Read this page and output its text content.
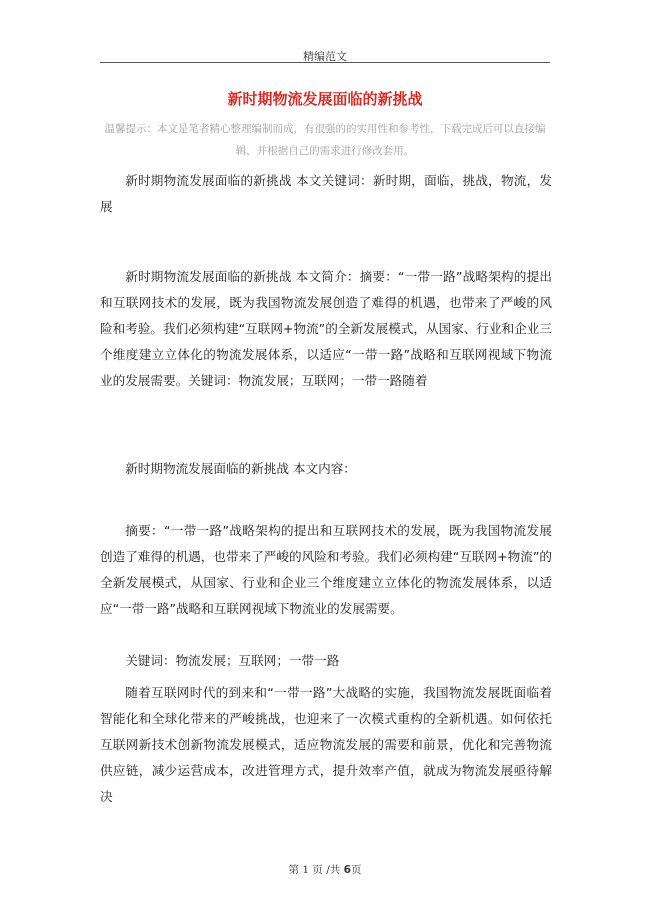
精编范文
新时期物流发展面临的新挑战
温馨提示：本文是笔者精心整理编制而成，有很强的的实用性和参考性，下载完成后可以直接编辑，并根据自己的需求进行修改套用。

新时期物流发展面临的新挑战 本文关键词：新时期，面临，挑战，物流，发展

新时期物流发展面临的新挑战 本文简介：摘要：“一带一路”战略架构的提出和互联网技术的发展，既为我国物流发展创造了难得的机遇，也带来了严峻的风险和考验。我们必须构建“互联网+物流”的全新发展模式，从国家、行业和企业三个维度建立立体化的物流发展体系，以适应“一带一路”战略和互联网视域下物流业的发展需要。关键词：物流发展；互联网；一带一路随着

新时期物流发展面临的新挑战 本文内容：

摘要：“一带一路”战略架构的提出和互联网技术的发展，既为我国物流发展创造了难得的机遇，也带来了严峻的风险和考验。我们必须构建“互联网+物流”的全新发展模式，从国家、行业和企业三个维度建立立体化的物流发展体系，以适应“一带一路”战略和互联网视域下物流业的发展需要。

关键词：物流发展；互联网；一带一路

随着互联网时代的到来和“一带一路”大战略的实施，我国物流发展既面临着智能化和全球化带来的严峻挑战，也迎来了一次模式重构的全新机遇。如何依托互联网新技术创新物流发展模式，适应物流发展的需要和前景，优化和完善物流供应链，减少运营成本，改进管理方式，提升效率产值，就成为物流发展亟待解决

第 1 页 /共 6页
